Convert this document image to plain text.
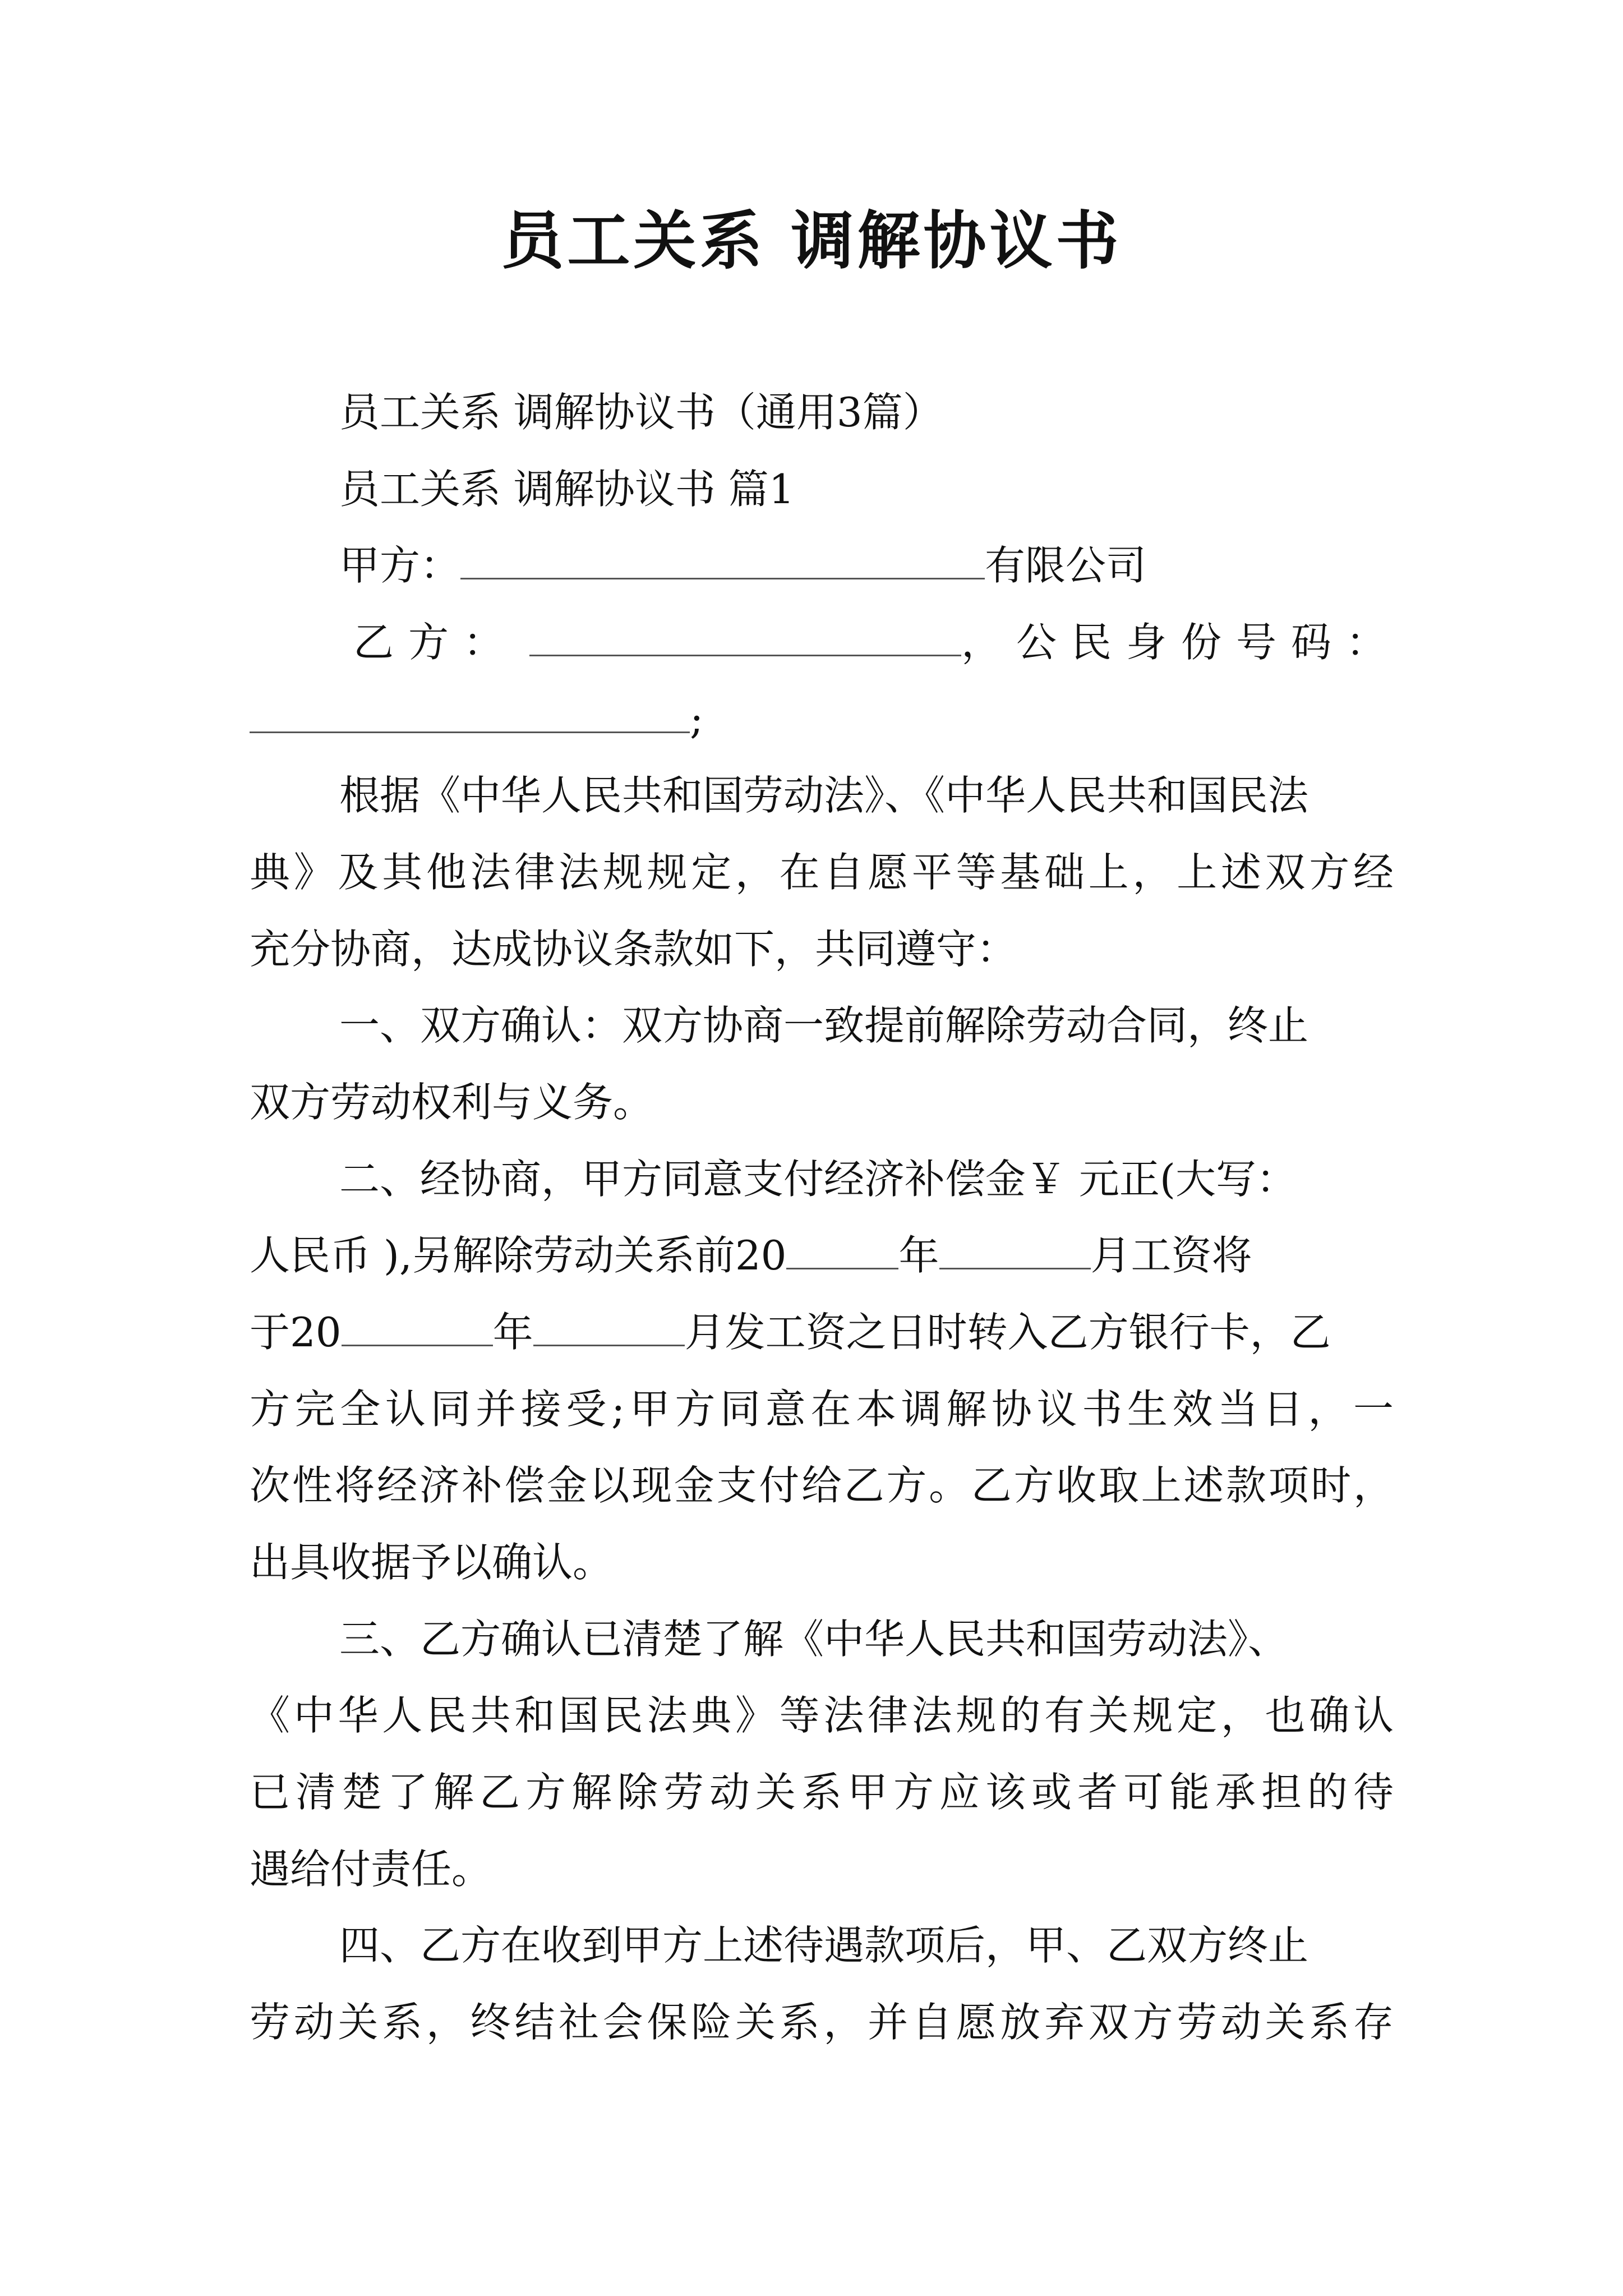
员工关系 调解协议书
员工关系 调解协议书（通用3篇）
员工关系 调解协议书 篇1
甲方：	有限公司
乙方：	，公民身份号码：
;
根据《中华人民共和国劳动法》、《中华人民共和国民法
典》及其他法律法规规定，在自愿平等基础上，上述双方经
充分协商，达成协议条款如下，共同遵守：
一、双方确认：双方协商一致提前解除劳动合同，终止
双方劳动权利与义务。
二、经协商，甲方同意支付经济补偿金￥ 元正(大写：
人民币 ),另解除劳动关系前20	年	月工资将
于20	年	月发工资之日时转入乙方银行卡，乙
方完全认同并接受;甲方同意在本调解协议书生效当日，一
次性将经济补偿金以现金支付给乙方。乙方收取上述款项时，
出具收据予以确认。
三、乙方确认已清楚了解《中华人民共和国劳动法》、
《中华人民共和国民法典》等法律法规的有关规定，也确认
已清楚了解乙方解除劳动关系甲方应该或者可能承担的待
遇给付责任。
四、乙方在收到甲方上述待遇款项后，甲、乙双方终止
劳动关系，终结社会保险关系，并自愿放弃双方劳动关系存
